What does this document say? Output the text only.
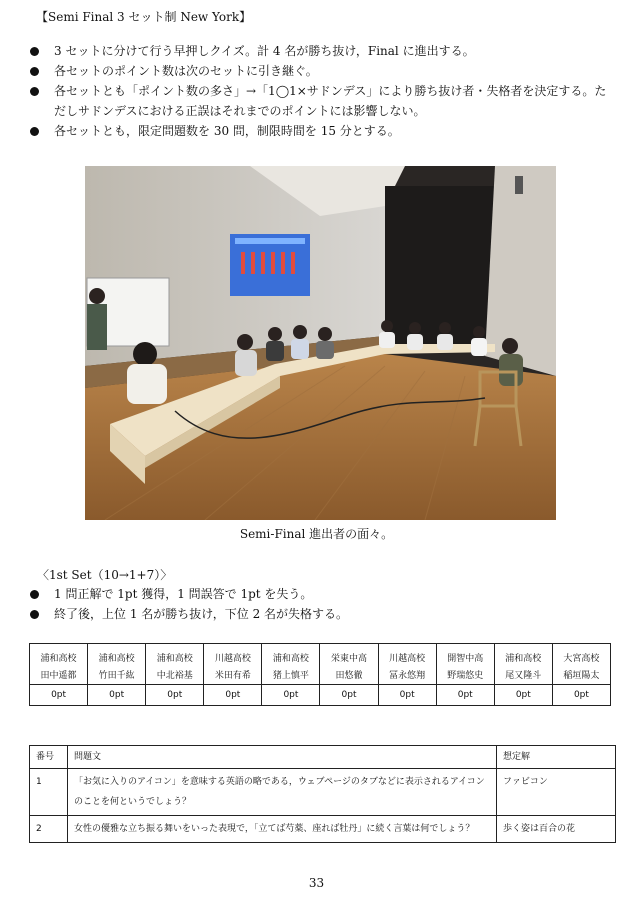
【Semi Final 3 セット制 New York】
3 セットに分けて行う早押しクイズ。計 4 名が勝ち抜け，Final に進出する。
各セットのポイント数は次のセットに引き継ぐ。
各セットとも「ポイント数の多さ」→「1◯1×サドンデス」により勝ち抜け者・失格者を決定する。ただしサドンデスにおける正誤はそれまでのポイントには影響しない。
各セットとも，限定問題数を 30 問，制限時間を 15 分とする。
Semi-Final 進出者の面々。
〈1st Set（10→1+7）〉
1 問正解で 1pt 獲得，1 問誤答で 1pt を失う。
終了後，上位 1 名が勝ち抜け，下位 2 名が失格する。
浦和高校	浦和高校	浦和高校	川越高校	浦和高校	栄東中高	川越高校	開智中高	浦和高校	大宮高校
田中遥都	竹田千紘	中北裕基	米田有希	猪上慎平	田悠徹	冨永悠翔	野瑞悠史	尾又隆斗	稲垣陽太
0pt	0pt	0pt	0pt	0pt	0pt	0pt	0pt	0pt	0pt
番号	問題文	想定解
1	「お気に入りのアイコン」を意味する英語の略である，ウェブページのタブなどに表示されるアイコンのことを何というでしょう？	ファビコン
2	女性の優雅な立ち振る舞いをいった表現で，「立てば芍薬、座れば牡丹」に続く言葉は何でしょう？	歩く姿は百合の花
33
